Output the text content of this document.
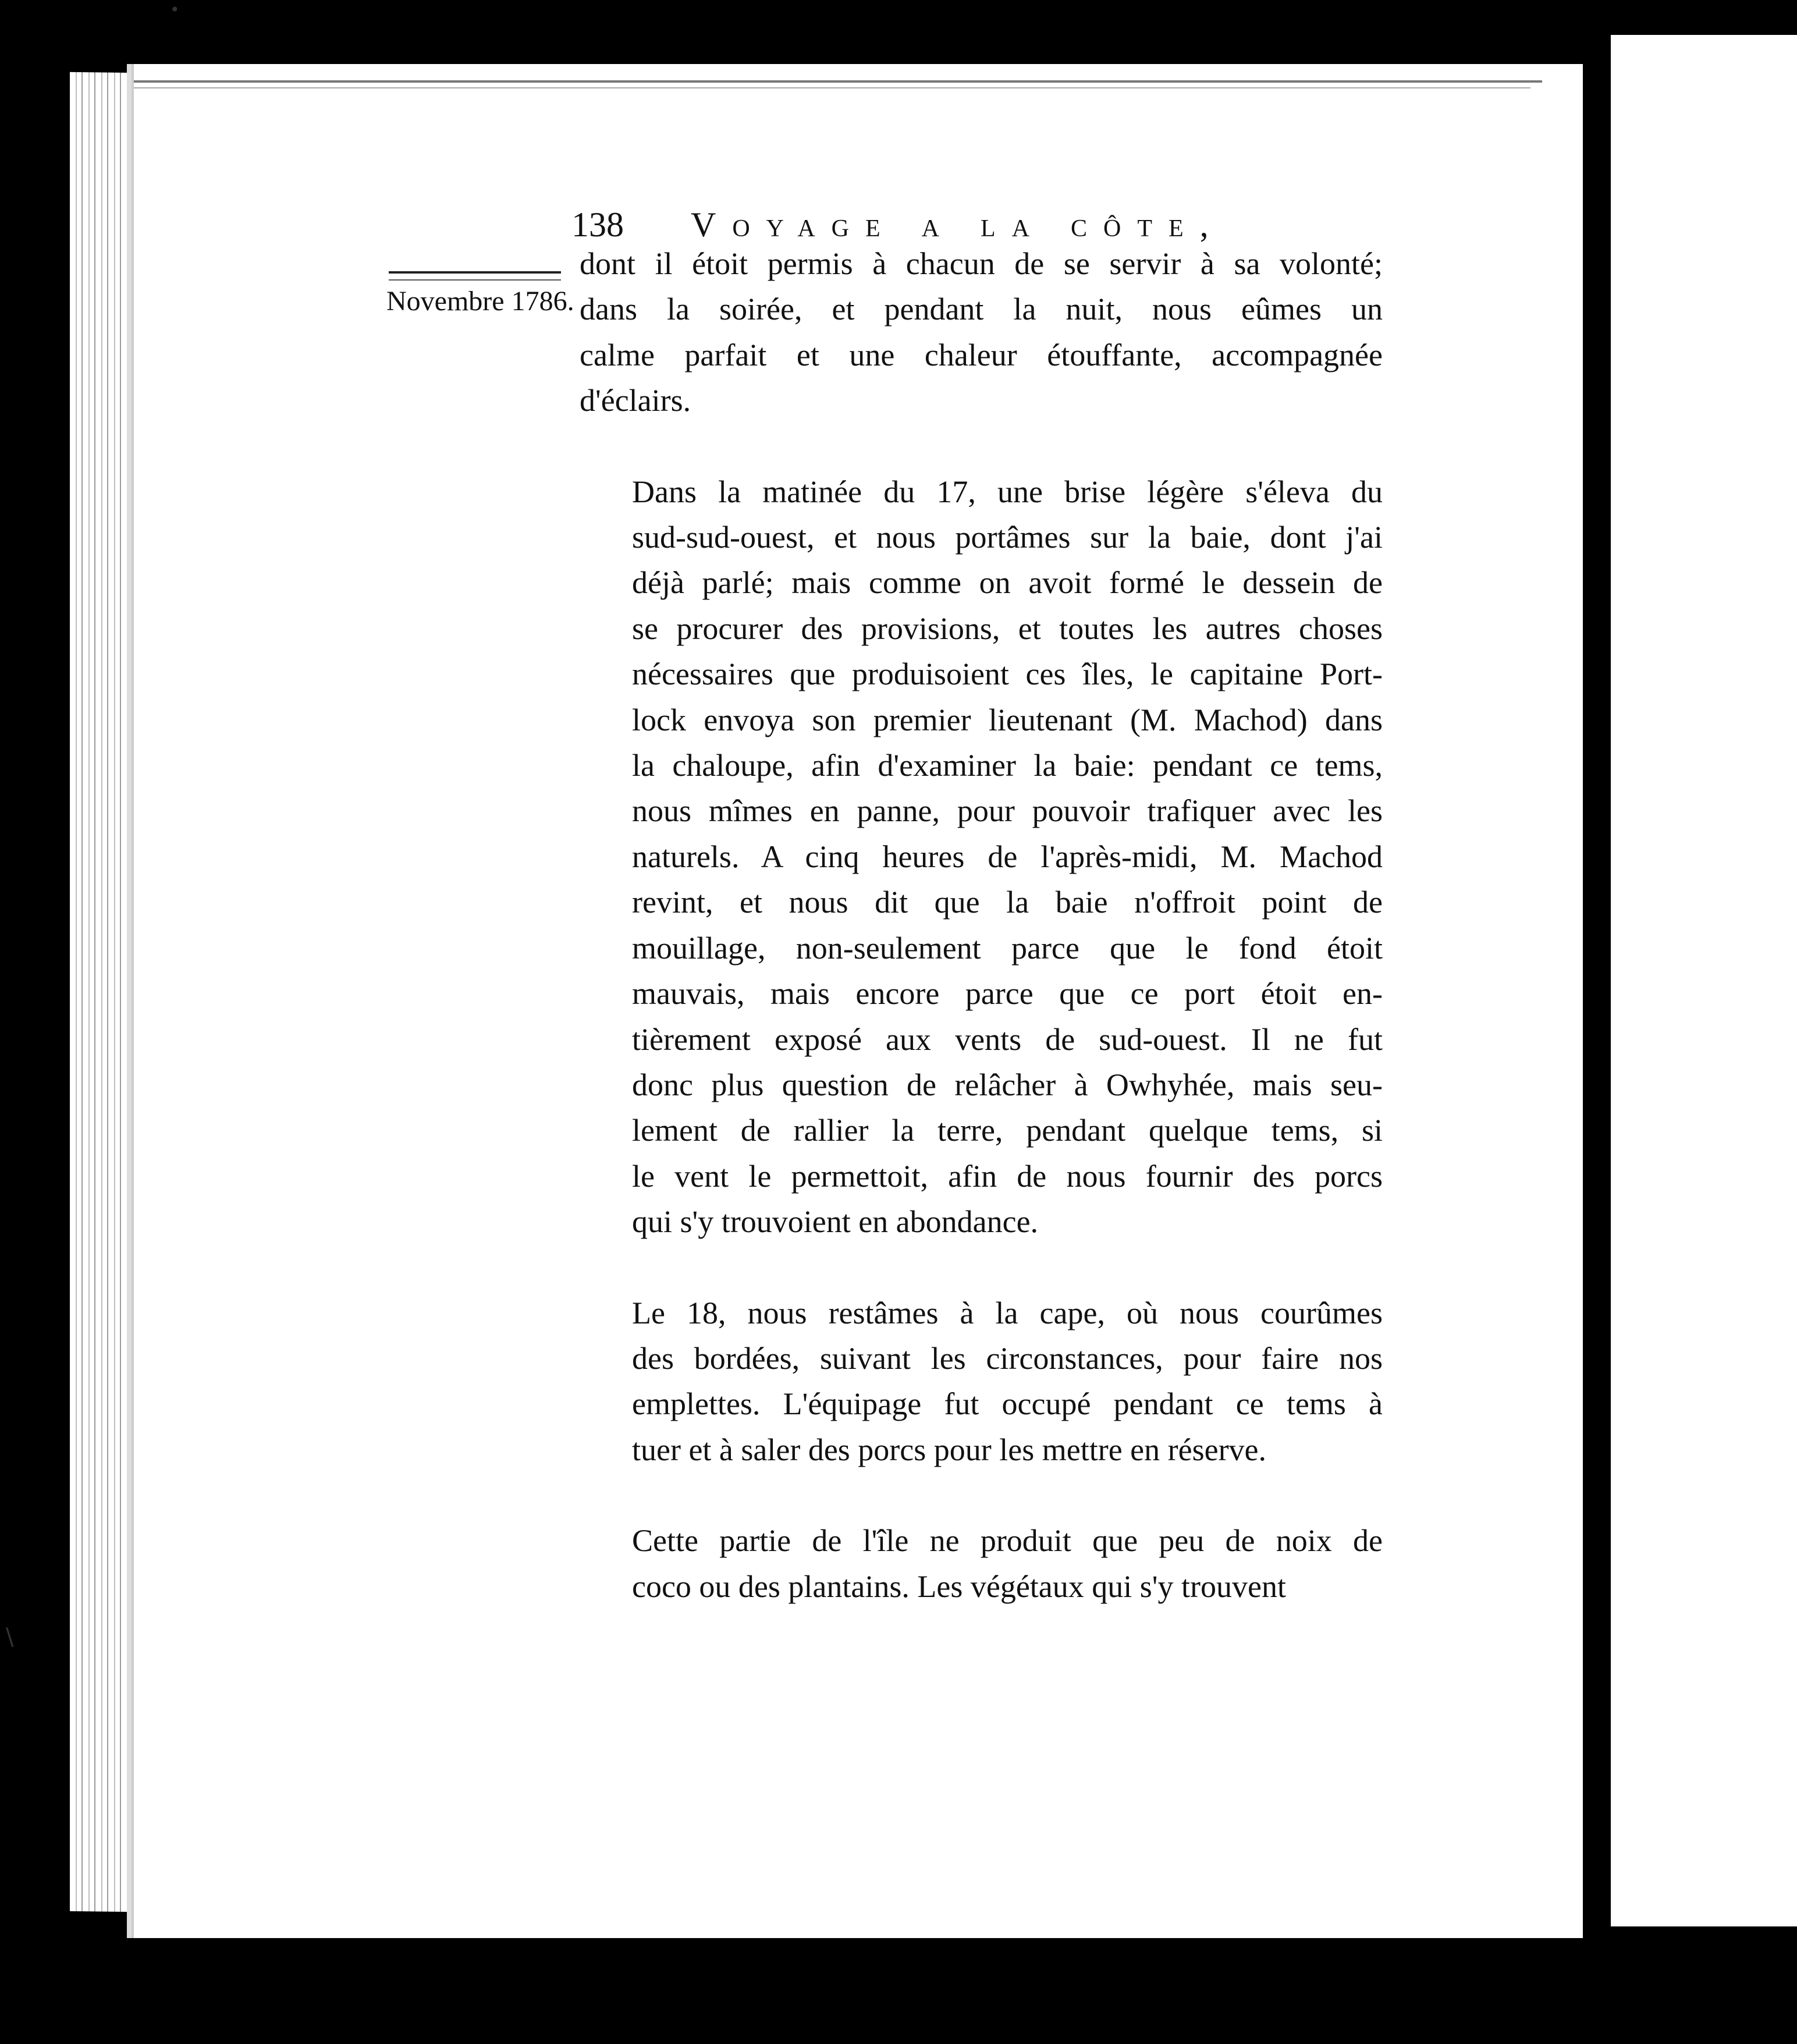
138 Voyage a la côte,
Novembre 1786.

dont il étoit permis à chacun de se servir à sa volonté;
dans la soirée, et pendant la nuit, nous eûmes un
calme parfait et une chaleur étouffante, accompagnée
d'éclairs.

Dans la matinée du 17, une brise légère s'éleva du
sud-sud-ouest, et nous portâmes sur la baie, dont j'ai
déjà parlé; mais comme on avoit formé le dessein de
se procurer des provisions, et toutes les autres choses
nécessaires que produisoient ces îles, le capitaine Port-
lock envoya son premier lieutenant (M. Machod) dans
la chaloupe, afin d'examiner la baie: pendant ce tems,
nous mîmes en panne, pour pouvoir trafiquer avec les
naturels. A cinq heures de l'après-midi, M. Machod
revint, et nous dit que la baie n'offroit point de
mouillage, non-seulement parce que le fond étoit
mauvais, mais encore parce que ce port étoit en-
tièrement exposé aux vents de sud-ouest. Il ne fut
donc plus question de relâcher à Owhyhée, mais seu-
lement de rallier la terre, pendant quelque tems, si
le vent le permettoit, afin de nous fournir des porcs
qui s'y trouvoient en abondance.

Le 18, nous restâmes à la cape, où nous courûmes
des bordées, suivant les circonstances, pour faire nos
emplettes. L'équipage fut occupé pendant ce tems à
tuer et à saler des porcs pour les mettre en réserve.

Cette partie de l'île ne produit que peu de noix de
coco ou des plantains. Les végétaux qui s'y trouvent

•
\
